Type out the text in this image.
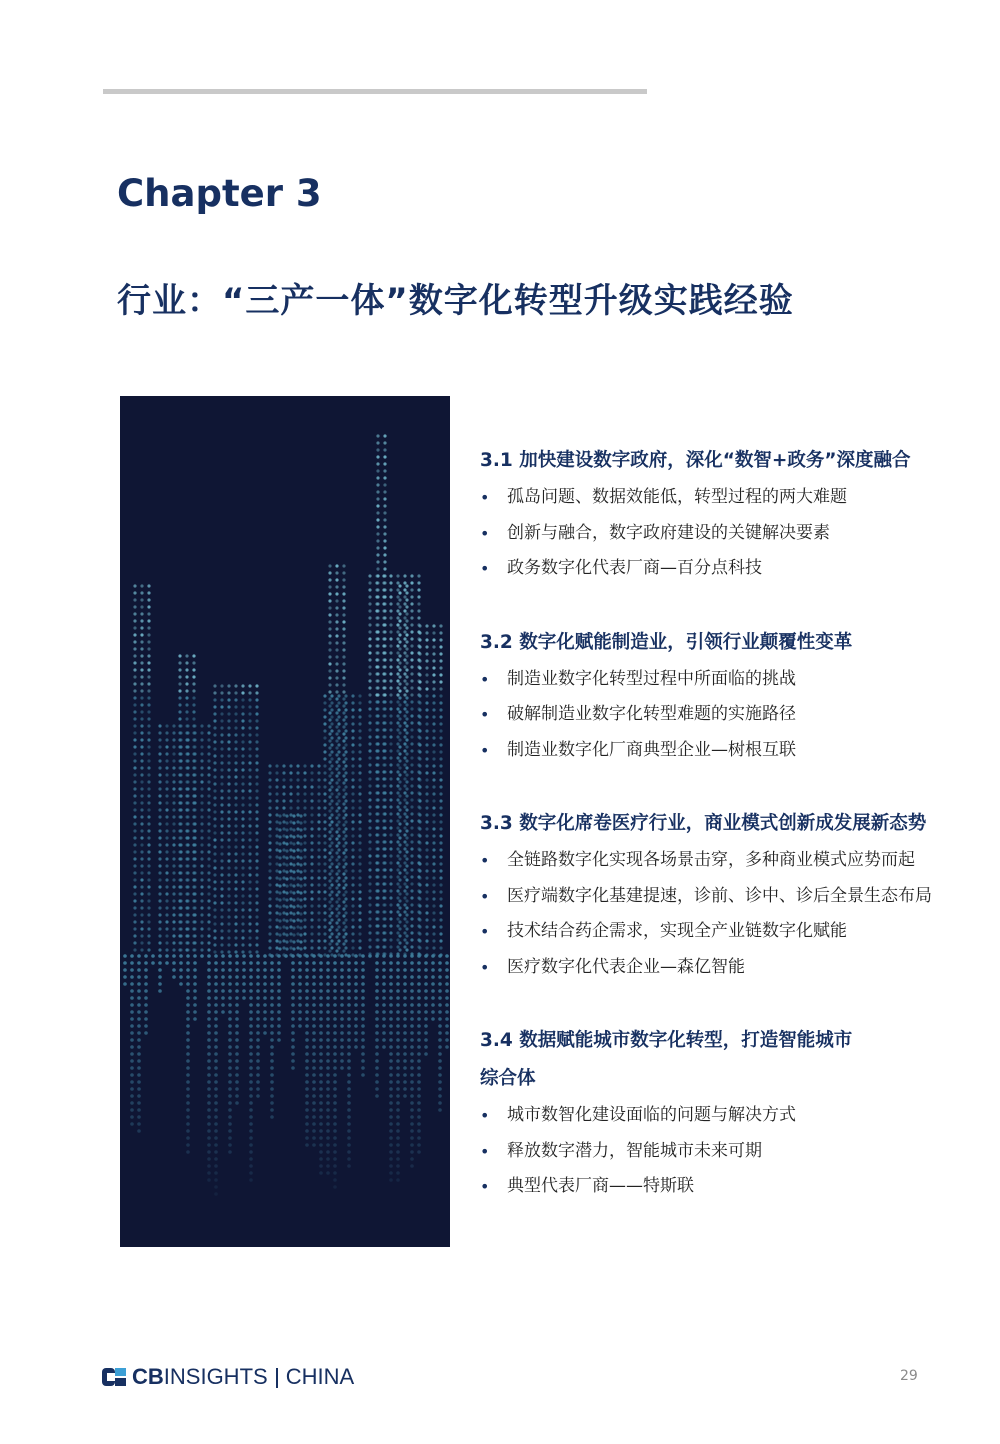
Chapter 3
行业：“三产一体”数字化转型升级实践经验
3.1 加快建设数字政府，深化“数智+政务”深度融合
• 孤岛问题、数据效能低，转型过程的两大难题
• 创新与融合，数字政府建设的关键解决要素
• 政务数字化代表厂商—百分点科技
3.2 数字化赋能制造业，引领行业颠覆性变革
• 制造业数字化转型过程中所面临的挑战
• 破解制造业数字化转型难题的实施路径
• 制造业数字化厂商典型企业—树根互联
3.3 数字化席卷医疗行业，商业模式创新成发展新态势
• 全链路数字化实现各场景击穿，多种商业模式应势而起
• 医疗端数字化基建提速，诊前、诊中、诊后全景生态布局
• 技术结合药企需求，实现全产业链数字化赋能
• 医疗数字化代表企业—森亿智能
3.4 数据赋能城市数字化转型，打造智能城市
综合体
• 城市数智化建设面临的问题与解决方式
• 释放数字潜力，智能城市未来可期
• 典型代表厂商——特斯联
CBINSIGHTS CHINA	29
